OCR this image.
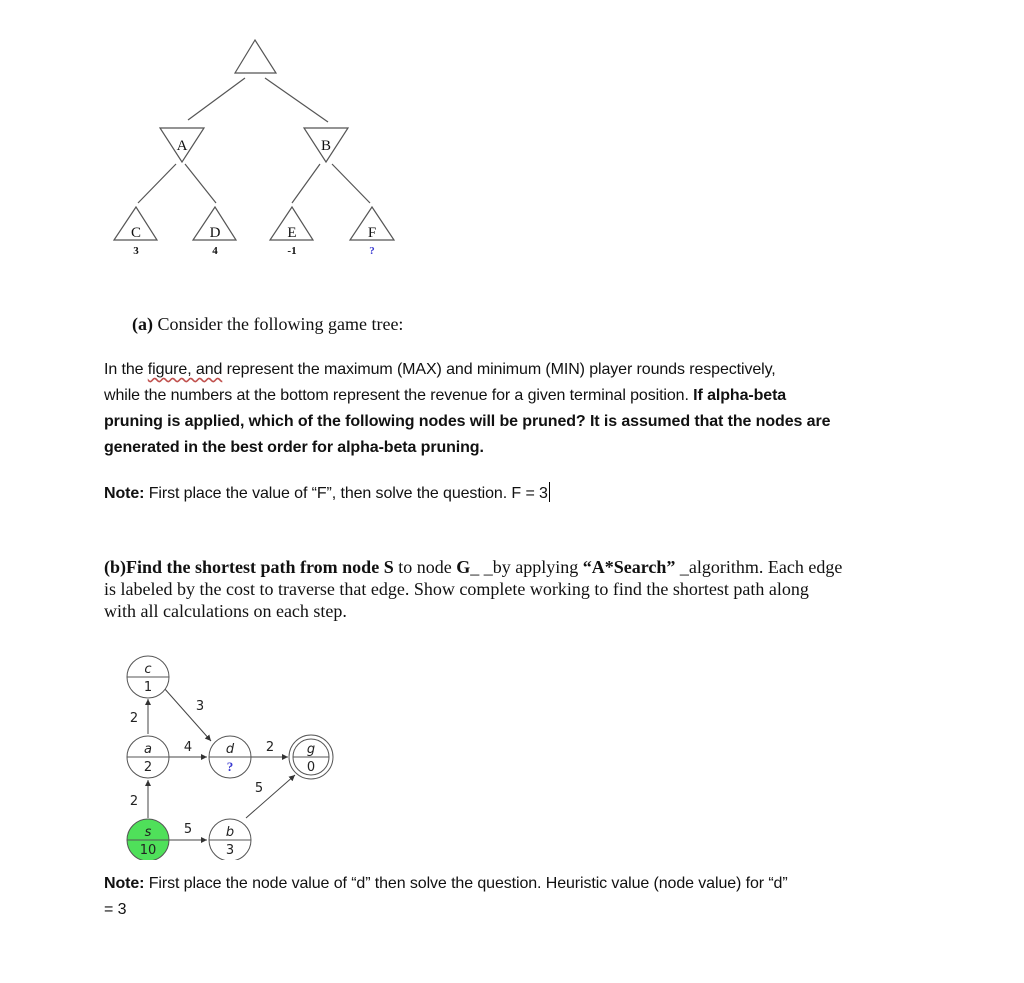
A	B
C	D	E	F
3	4	-1	?
(a) Consider the following game tree:
In the figure, and represent the maximum (MAX) and minimum (MIN) player rounds respectively,
while the numbers at the bottom represent the revenue for a given terminal position. If alpha-beta
pruning is applied, which of the following nodes will be pruned? It is assumed that the nodes are
generated in the best order for alpha-beta pruning.
Note: First place the value of “F”, then solve the question. F = 3
(b)Find the shortest path from node S to node G_ _by applying “A*Search” _algorithm. Each edge
is labeled by the cost to traverse that edge. Show complete working to find the shortest path along
with all calculations on each step.
c
1
a
2
d
?
g
0
s
10
b
3
2
3
4	2
5
2
5
Note: First place the node value of “d” then solve the question. Heuristic value (node value) for “d”
= 3
